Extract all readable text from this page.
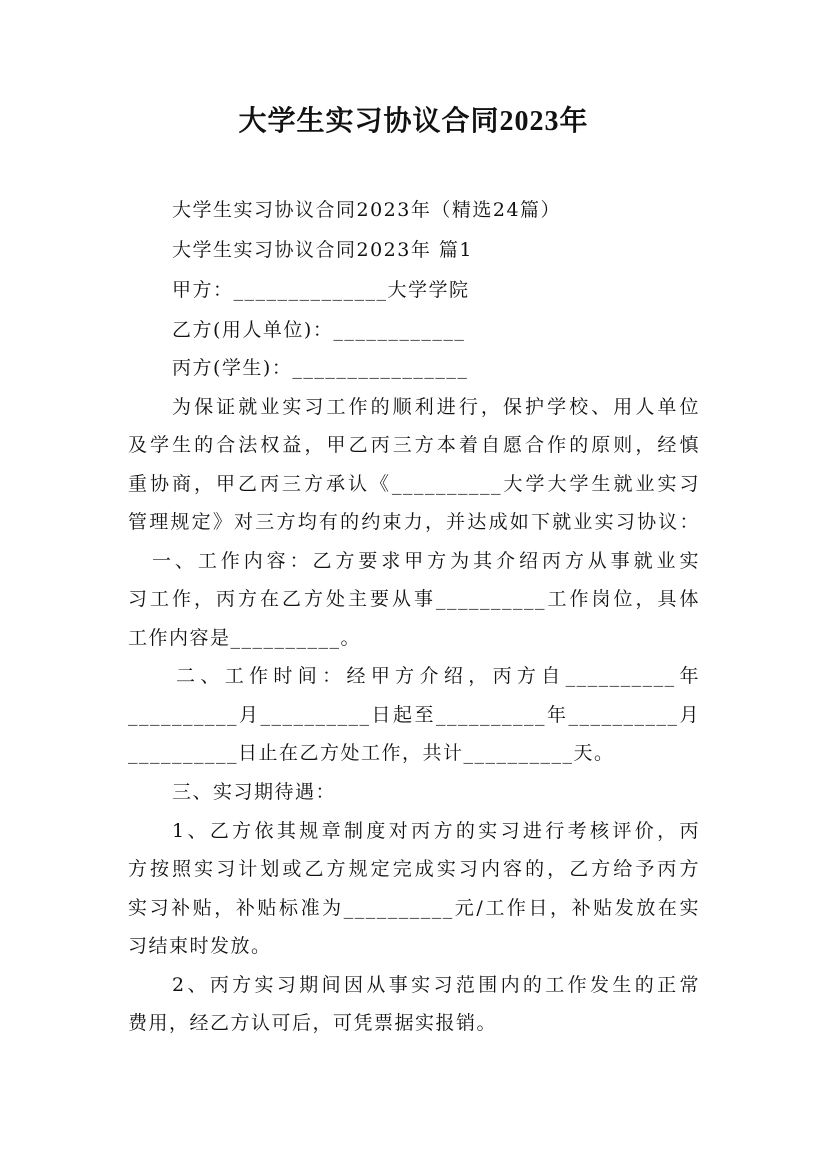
大学生实习协议合同2023年
大学生实习协议合同2023年（精选24篇）
大学生实习协议合同2023年 篇1
甲方：______________大学学院
乙方(用人单位)：____________
丙方(学生)：________________
为保证就业实习工作的顺利进行，保护学校、用人单位
及学生的合法权益，甲乙丙三方本着自愿合作的原则，经慎
重协商，甲乙丙三方承认《__________大学大学生就业实习
管理规定》对三方均有的约束力，并达成如下就业实习协议：
一、工作内容：乙方要求甲方为其介绍丙方从事就业实
习工作，丙方在乙方处主要从事__________工作岗位，具体
工作内容是__________。
二、工作时间：经甲方介绍，丙方自__________年
__________月__________日起至__________年__________月
__________日止在乙方处工作，共计__________天。
三、实习期待遇：
1、乙方依其规章制度对丙方的实习进行考核评价，丙
方按照实习计划或乙方规定完成实习内容的，乙方给予丙方
实习补贴，补贴标准为__________元/工作日，补贴发放在实
习结束时发放。
2、丙方实习期间因从事实习范围内的工作发生的正常
费用，经乙方认可后，可凭票据实报销。
